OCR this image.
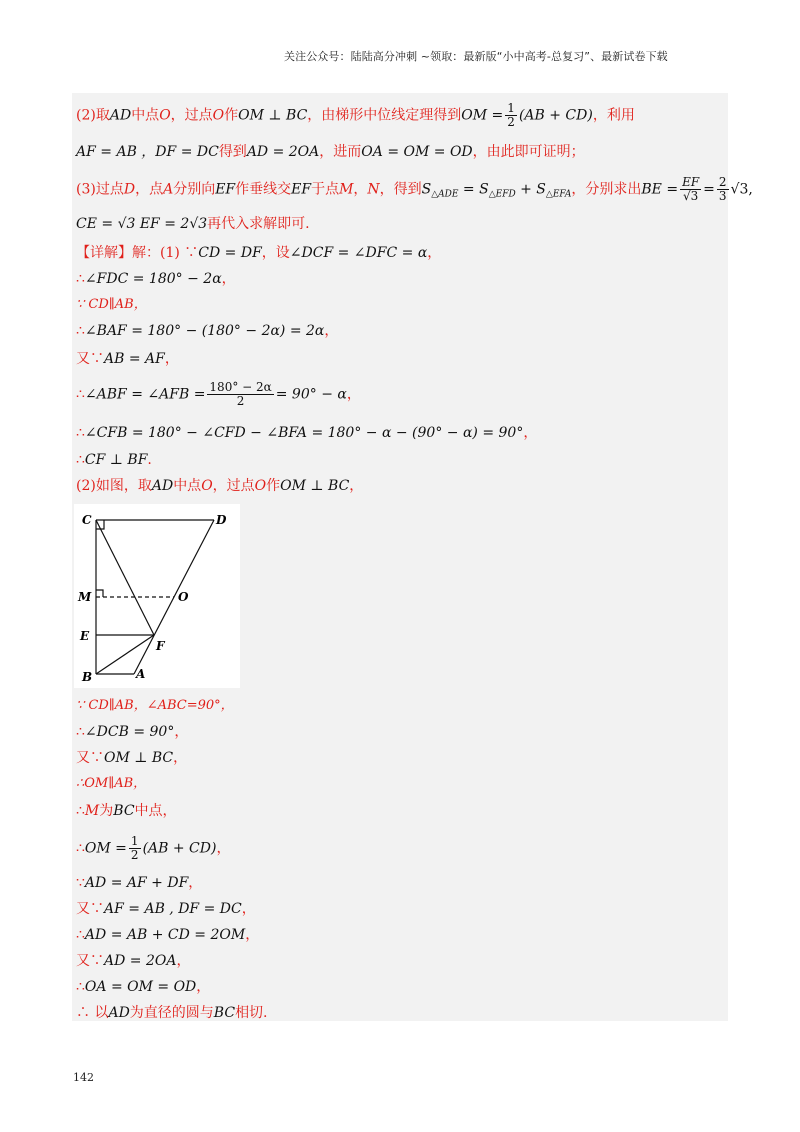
关注公众号：陆陆高分冲刺 ~领取：最新版“小中高考-总复习”、最新试卷下载
(2)取AD中点O，过点O作OM ⊥ BC，由梯形中位线定理得到OM = $\frac{1}{2} (AB + CD)$，利用
AF = AB ，DF = DC得到AD = 2OA，进而OA = OM = OD，由此即可证明；
(3)过点D，点A分别向EF作垂线交EF于点M，N，得到$S_{\triangle ADE} = S_{\triangle EFD} + S_{\triangle EFA}$，分别求出BE = $\frac{EF}{√3} = \frac{2}{3} √3$,
CE = √3 EF = 2√3再代入求解即可.
【详解】解：(1) ∵CD = DF，设∠DCF = ∠DFC = α，
∴∠FDC = 180° − 2α，
∵ CD∥AB，
∴∠BAF = 180° − (180° − 2α) = 2α，
又∵AB = AF，
∴∠ABF = ∠AFB = $\frac{180^\circ - 2\alpha}{2} = 90^\circ - \alpha$，
∴∠CFB = 180° − ∠CFD − ∠BFA = 180° − α − (90° − α) = 90°，
∴CF ⊥ BF.
(2)如图，取AD中点O，过点O作OM ⊥ BC，
C	D
M	O
E
F
B	A
∵ CD∥AB，∠ABC=90°，
∴∠DCB = 90°，
又∵OM ⊥ BC，
∴OM∥AB，
∴M为BC中点，
∴OM = $\frac{1}{2} (AB + CD)$，
∵AD = AF + DF，
又∵AF = AB , DF = DC，
∴AD = AB + CD = 2OM，
又∵AD = 2OA，
∴OA = OM = OD，
∴ 以AD为直径的圆与BC相切.
142
